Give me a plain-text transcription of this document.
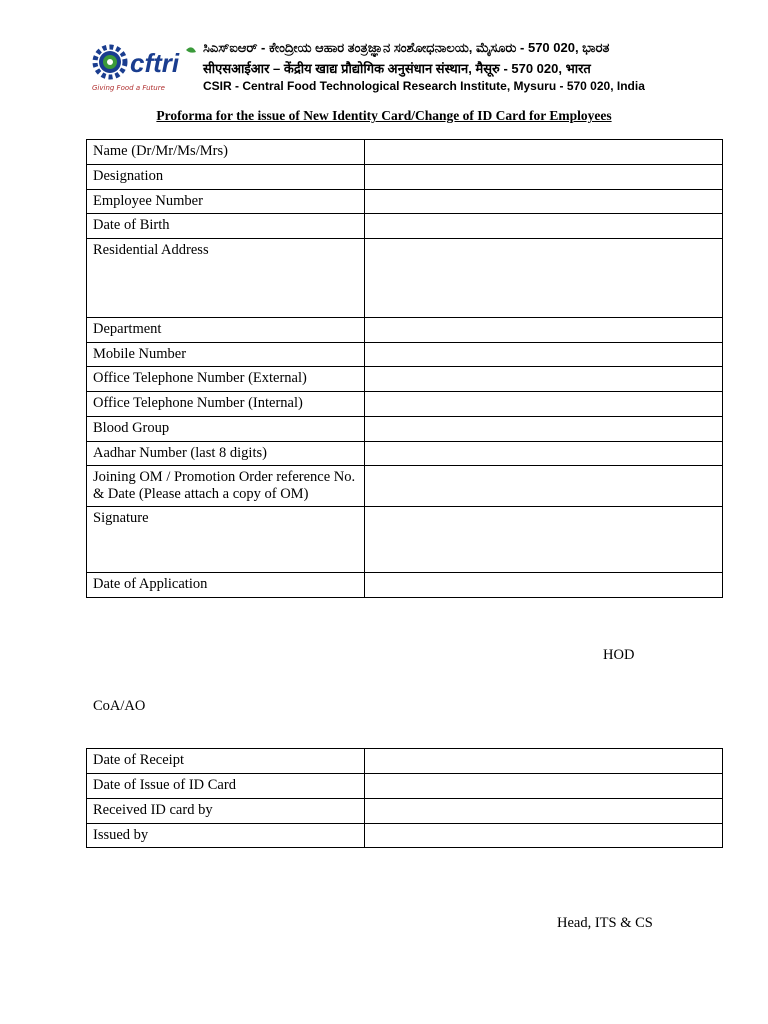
cftri
Giving Food a Future
ಸಿಎಸ್ಐಆರ್ - ಕೇಂದ್ರೀಯ ಆಹಾರ ತಂತ್ರಜ್ಞಾನ ಸಂಶೋಧನಾಲಯ, ಮೈಸೂರು - 570 020, ಭಾರತ
सीएसआईआर – केंद्रीय खाद्य प्रौद्योगिक अनुसंधान संस्थान, मैसूरु - 570 020, भारत
CSIR - Central Food Technological Research Institute, Mysuru - 570 020, India
Proforma for the issue of New Identity Card/Change of ID Card for Employees
Name (Dr/Mr/Ms/Mrs)	
Designation	
Employee Number	
Date of Birth	
Residential Address	
Department	
Mobile Number	
Office Telephone Number (External)	
Office Telephone Number (Internal)	
Blood Group	
Aadhar Number (last 8 digits)	
Joining OM / Promotion Order reference No. & Date (Please attach a copy of OM)	
Signature	
Date of Application	
HOD
CoA/AO
Date of Receipt	
Date of Issue of ID Card	
Received ID card by	
Issued by	
Head, ITS & CS
